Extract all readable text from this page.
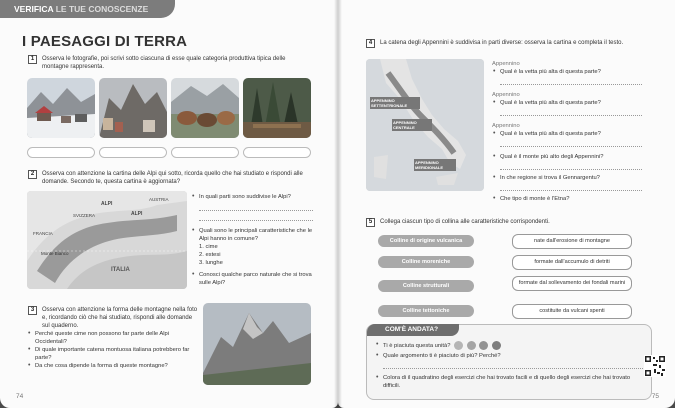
VERIFICA LE TUE CONOSCENZE
I PAESAGGI DI TERRA
1 Osserva le fotografie, poi scrivi sotto ciascuna di esse quale categoria produttiva tipica delle montagne rappresenta.
2 Osserva con attenzione la cartina delle Alpi qui sotto, ricorda quello che hai studiato e rispondi alle domande. Secondo te, questa cartina è aggiornata?
ALPI
ALPI
Monte Bianco
ITALIA
FRANCIA
SVIZZERA
AUSTRIA
•	In quali parti sono suddivise le Alpi?
• Quali sono le principali caratteristiche che le Alpi hanno in comune?
1. cime
2. estesi
3. lunghe
• Conosci qualche parco naturale che si trova sulle Alpi?
3 Osserva con attenzione la forma delle montagne nella foto e, ricordando ciò che hai studiato, rispondi alle domande sul quaderno.
• Perché queste cime non possono far parte delle Alpi Occidentali?
• Di quale importante catena montuosa italiana potrebbero far parte?
• Da che cosa dipende la forma di queste montagne?
74	75
4 La catena degli Appennini è suddivisa in parti diverse: osserva la cartina e completa il testo.
APPENNINO SETTENTRIONALE
APPENNINO CENTRALE
APPENNINO MERIDIONALE
Appennino
• Qual è la vetta più alta di questa parte?
Appennino
• Qual è la vetta più alta di questa parte?
Appennino
• Qual è la vetta più alta di questa parte?
• Qual è il monte più alto degli Appennini?
• In che regione si trova il Gennargentu?
• Che tipo di monte è l'Etna?
5 Collega ciascun tipo di collina alle caratteristiche corrispondenti.
Colline di origine vulcanica
Colline moreniche
Colline strutturali
Colline tettoniche
nate dall'erosione di montagne
formate dall'accumulo di detriti
formate dal sollevamento dei fondali marini
costituite da vulcani spenti
COM'È ANDATA?
• Ti è piaciuta questa unità?
• Quale argomento ti è piaciuto di più? Perché?
• Colora di il quadratino degli esercizi che hai trovato facili e di quello degli esercizi che hai trovato difficili.
